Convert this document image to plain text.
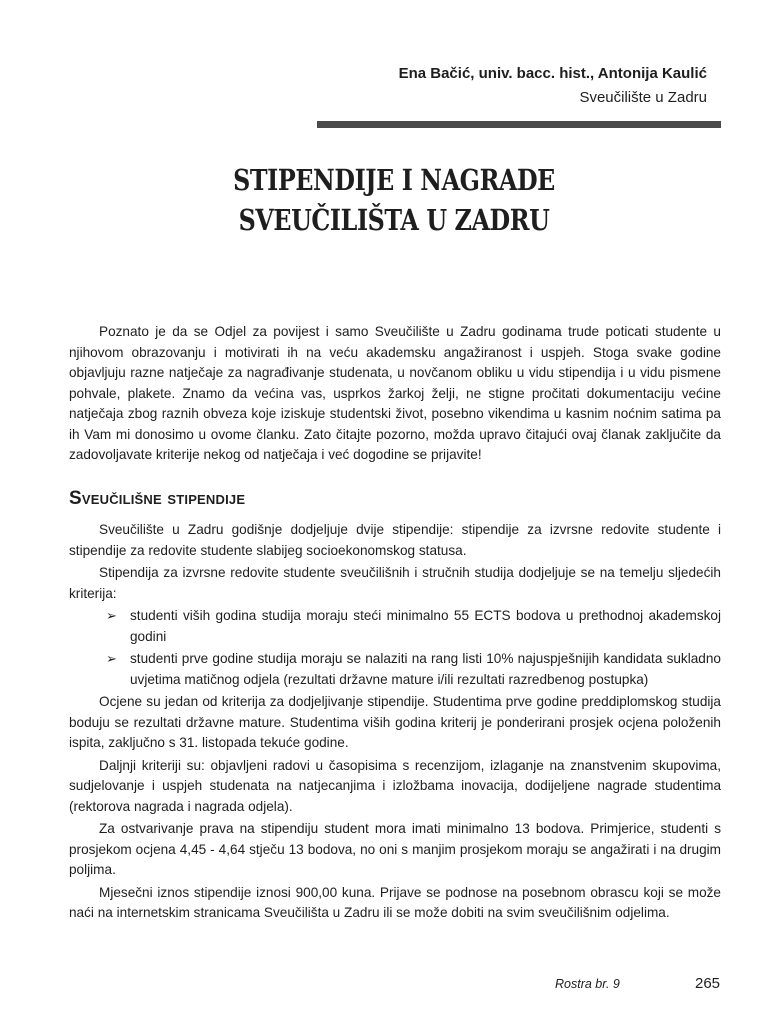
Ena Bačić, univ. bacc. hist., Antonija Kaulić
Sveučilište u Zadru
STIPENDIJE I NAGRADE
SVEUČILIŠTA U ZADRU

Poznato je da se Odjel za povijest i samo Sveučilište u Zadru godinama trude poticati studente u njihovom obrazovanju i motivirati ih na veću akademsku angažiranost i uspjeh. Stoga svake godine objavljuju razne natječaje za nagrađivanje studenata, u novčanom obliku u vidu stipendija i u vidu pismene pohvale, plakete. Znamo da većina vas, usprkos žarkoj želji, ne stigne pročitati dokumentaciju većine natječaja zbog raznih obveza koje iziskuje studentski život, posebno vikendima u kasnim noćnim satima pa ih Vam mi donosimo u ovome članku. Zato čitajte pozorno, možda upravo čitajući ovaj članak zaključite da zadovoljavate kriterije nekog od natječaja i već dogodine se prijavite!

Sveučilišne stipendije

Sveučilište u Zadru godišnje dodjeljuje dvije stipendije: stipendije za izvrsne redovite studente i stipendije za redovite studente slabijeg socioekonomskog statusa.

Stipendija za izvrsne redovite studente sveučilišnih i stručnih studija dodjeljuje se na temelju sljedećih kriterija:

➢ studenti viših godina studija moraju steći minimalno 55 ECTS bodova u prethodnoj akademskoj godini
➢ studenti prve godine studija moraju se nalaziti na rang listi 10% najuspješnijih kandidata sukladno uvjetima matičnog odjela (rezultati državne mature i/ili rezultati razredbenog postupka)

Ocjene su jedan od kriterija za dodjeljivanje stipendije. Studentima prve godine preddiplomskog studija boduju se rezultati državne mature. Studentima viših godina kriterij je ponderirani prosjek ocjena položenih ispita, zaključno s 31. listopada tekuće godine.

Daljnji kriteriji su: objavljeni radovi u časopisima s recenzijom, izlaganje na znanstvenim skupovima, sudjelovanje i uspjeh studenata na natjecanjima i izložbama inovacija, dodijeljene nagrade studentima (rektorova nagrada i nagrada odjela).

Za ostvarivanje prava na stipendiju student mora imati minimalno 13 bodova. Primjerice, studenti s prosjekom ocjena 4,45 - 4,64 stječu 13 bodova, no oni s manjim prosjekom moraju se angažirati i na drugim poljima.

Mjesečni iznos stipendije iznosi 900,00 kuna. Prijave se podnose na posebnom obrascu koji se može naći na internetskim stranicama Sveučilišta u Zadru ili se može dobiti na svim sveučilišnim odjelima.

Rostra br. 9	265
